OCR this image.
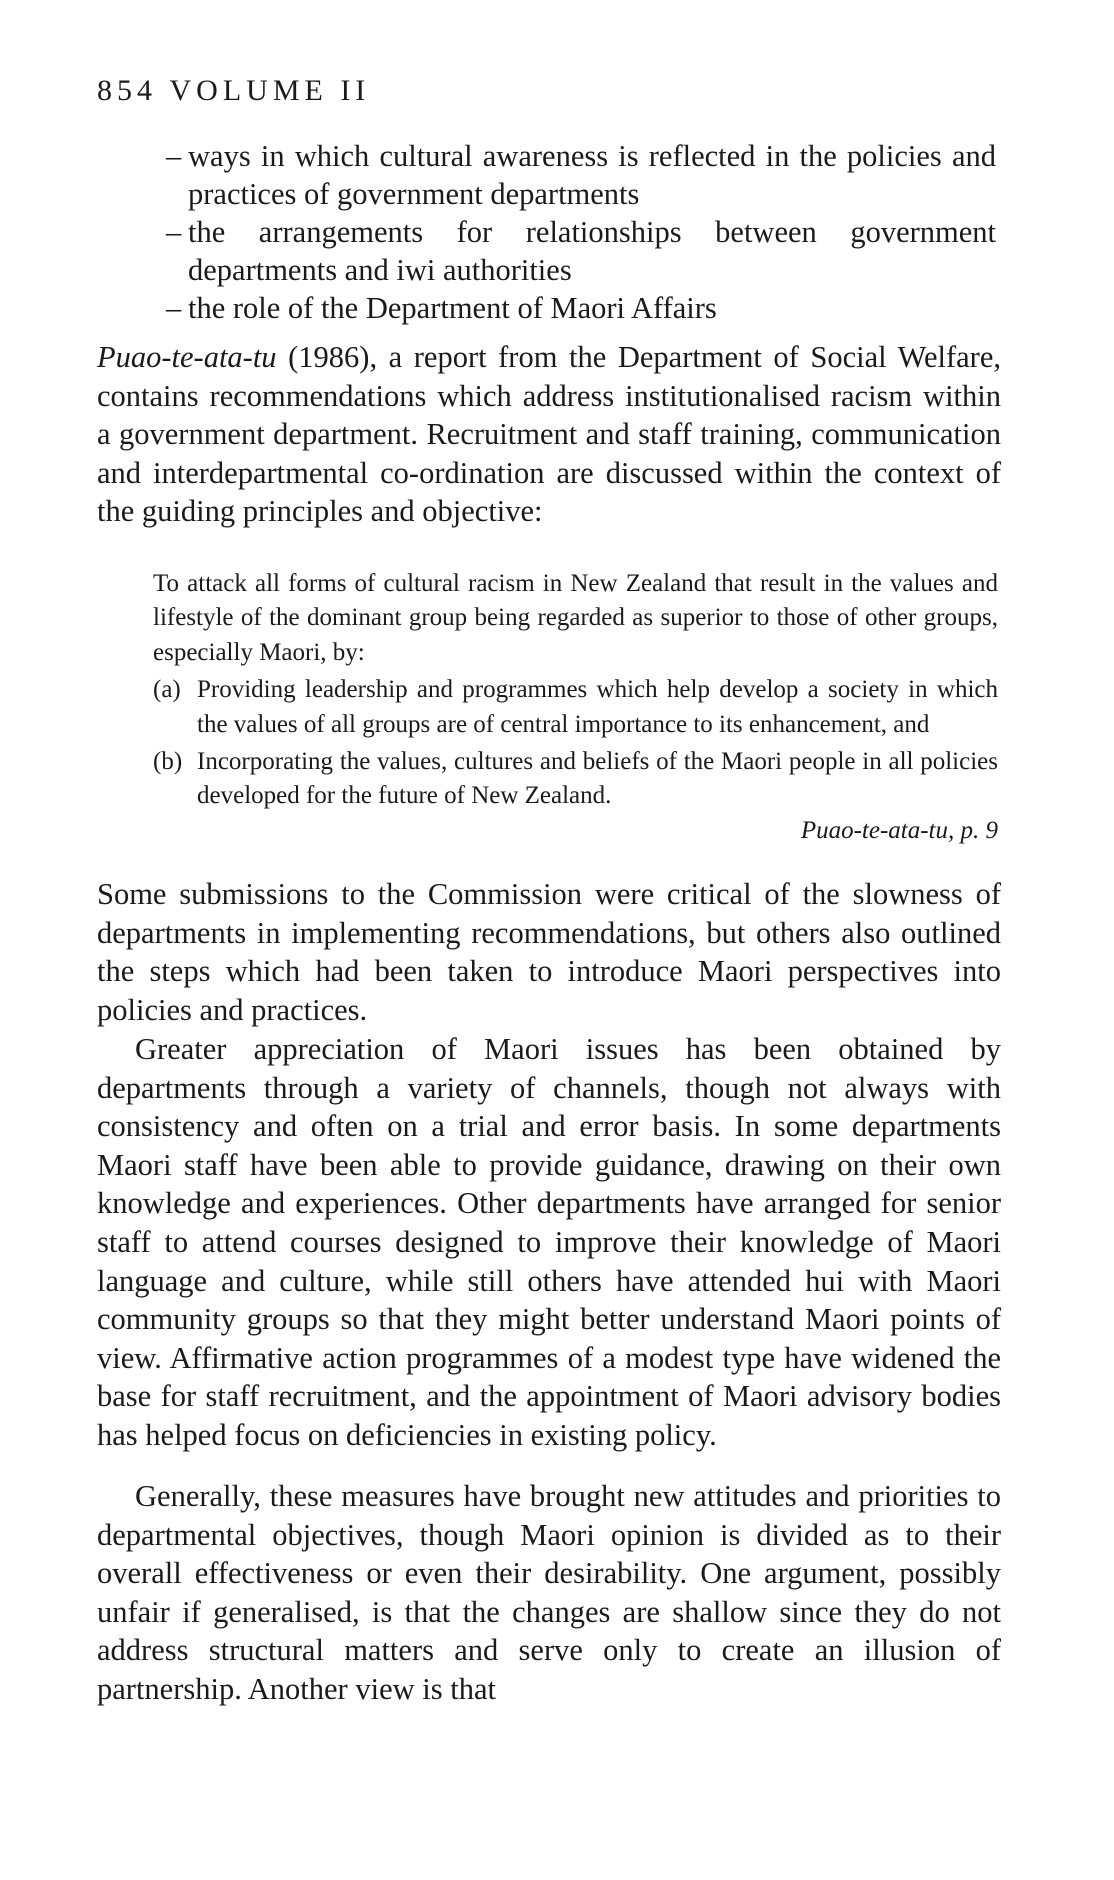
854 VOLUME II
– ways in which cultural awareness is reflected in the policies and practices of government departments
– the arrangements for relationships between government departments and iwi authorities
– the role of the Department of Maori Affairs

Puao-te-ata-tu (1986), a report from the Department of Social Welfare, contains recommendations which address institutionalised racism within a government department. Recruitment and staff training, communication and interdepartmental co-ordination are discussed within the context of the guiding principles and objective:

To attack all forms of cultural racism in New Zealand that result in the values and lifestyle of the dominant group being regarded as superior to those of other groups, especially Maori, by:

(a) Providing leadership and programmes which help develop a society in which the values of all groups are of central importance to its enhancement, and

(b) Incorporating the values, cultures and beliefs of the Maori people in all policies developed for the future of New Zealand.

Puao-te-ata-tu, p. 9

Some submissions to the Commission were critical of the slowness of departments in implementing recommendations, but others also outlined the steps which had been taken to introduce Maori perspectives into policies and practices.

Greater appreciation of Maori issues has been obtained by departments through a variety of channels, though not always with consistency and often on a trial and error basis. In some departments Maori staff have been able to provide guidance, drawing on their own knowledge and experiences. Other departments have arranged for senior staff to attend courses designed to improve their knowledge of Maori language and culture, while still others have attended hui with Maori community groups so that they might better understand Maori points of view. Affirmative action programmes of a modest type have widened the base for staff recruitment, and the appointment of Maori advisory bodies has helped focus on deficiencies in existing policy.

Generally, these measures have brought new attitudes and priorities to departmental objectives, though Maori opinion is divided as to their overall effectiveness or even their desirability. One argument, possibly unfair if generalised, is that the changes are shallow since they do not address structural matters and serve only to create an illusion of partnership. Another view is that
